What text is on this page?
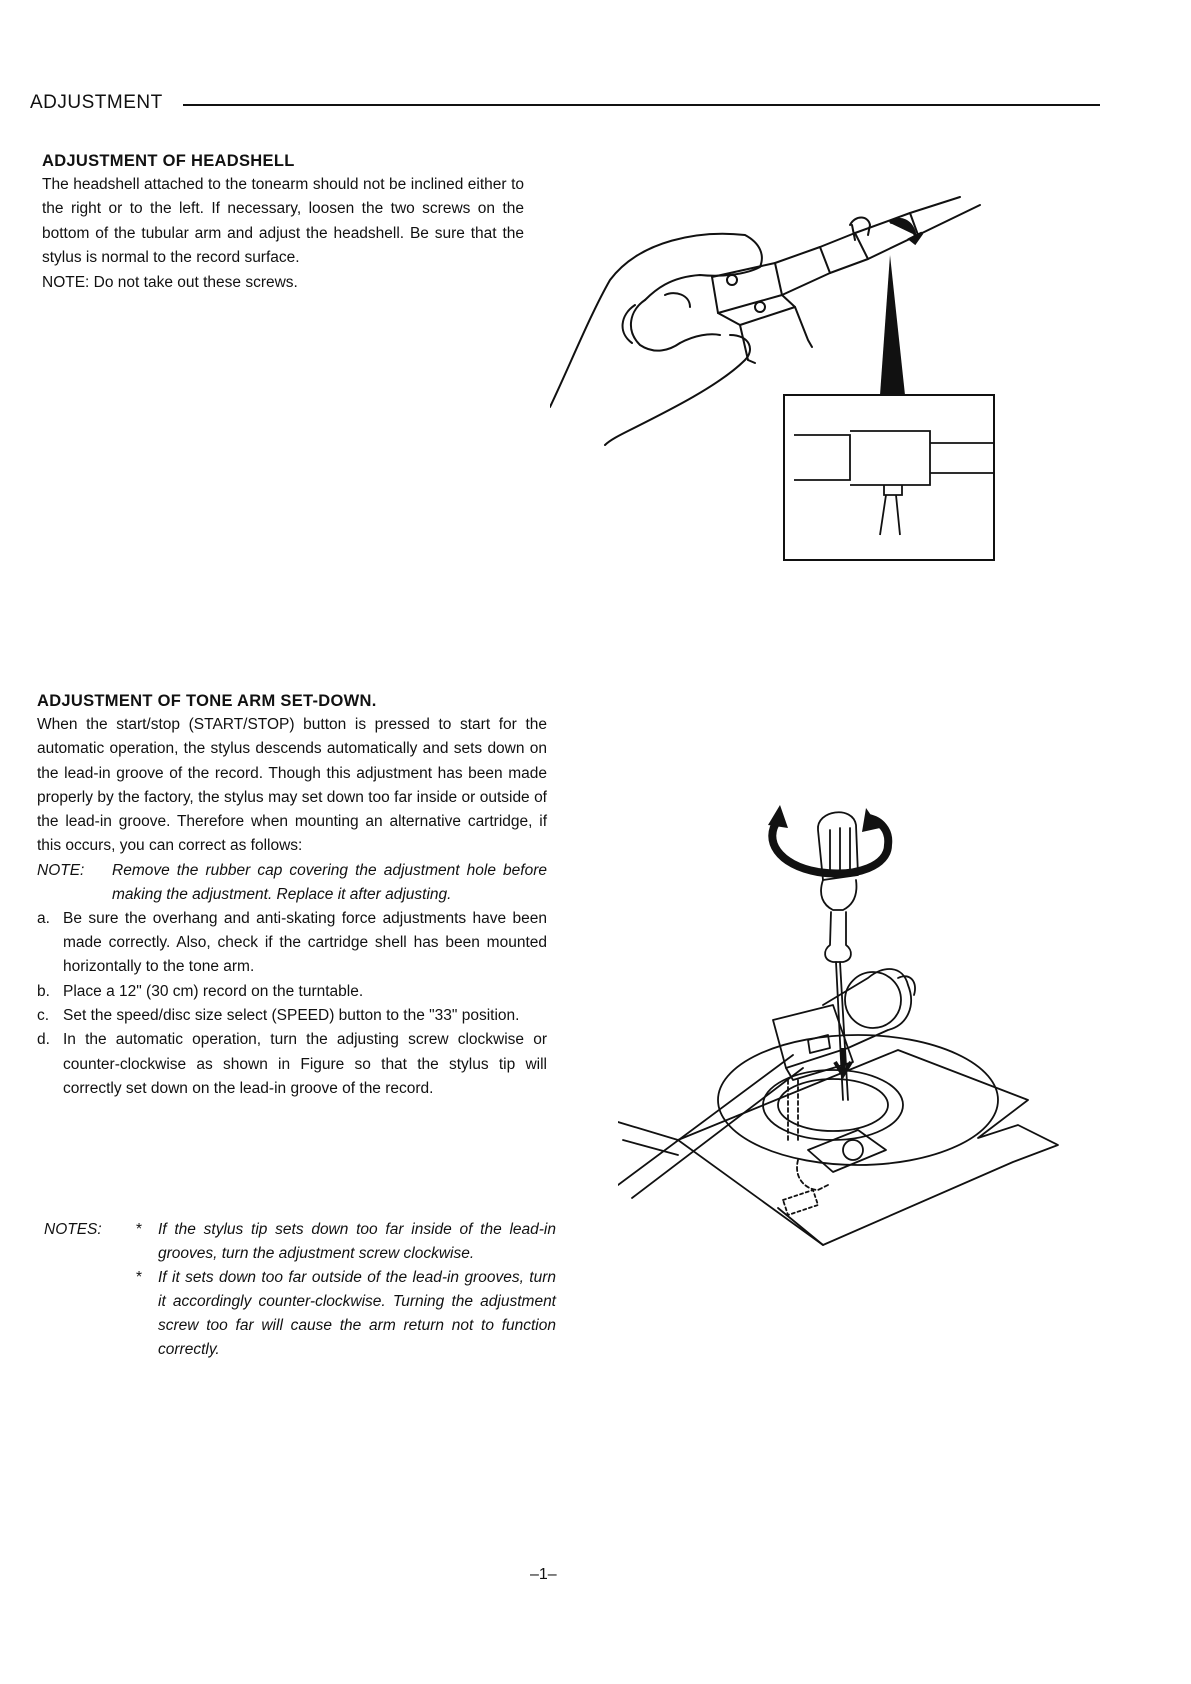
ADJUSTMENT
ADJUSTMENT OF HEADSHELL

The headshell attached to the tonearm should not be inclined either to the right or to the left. If necessary, loosen the two screws on the bottom of the tubular arm and adjust the headshell. Be sure that the stylus is normal to the record surface.

NOTE: Do not take out these screws.
ADJUSTMENT OF TONE ARM SET-DOWN.

When the start/stop (START/STOP) button is pressed to start for the automatic operation, the stylus descends automatically and sets down on the lead-in groove of the record. Though this adjustment has been made properly by the factory, the stylus may set down too far inside or outside of the lead-in groove. Therefore when mounting an alternative cartridge, if this occurs, you can correct as follows:

NOTE:	Remove the rubber cap covering the adjustment hole before making the adjustment. Replace it after adjusting.
a. Be sure the overhang and anti-skating force adjustments have been made correctly. Also, check if the cartridge shell has been mounted horizontally to the tone arm.
b. Place a 12" (30 cm) record on the turntable.
c. Set the speed/disc size select (SPEED) button to the "33" position.
d. In the automatic operation, turn the adjusting screw clockwise or counter-clockwise as shown in Figure so that the stylus tip will correctly set down on the lead-in groove of the record.
NOTES:	*	If the stylus tip sets down too far inside of the lead-in grooves, turn the adjustment screw clockwise.
*	If it sets down too far outside of the lead-in grooves, turn it accordingly counter-clockwise. Turning the adjustment screw too far will cause the arm return not to function correctly.
–1–
